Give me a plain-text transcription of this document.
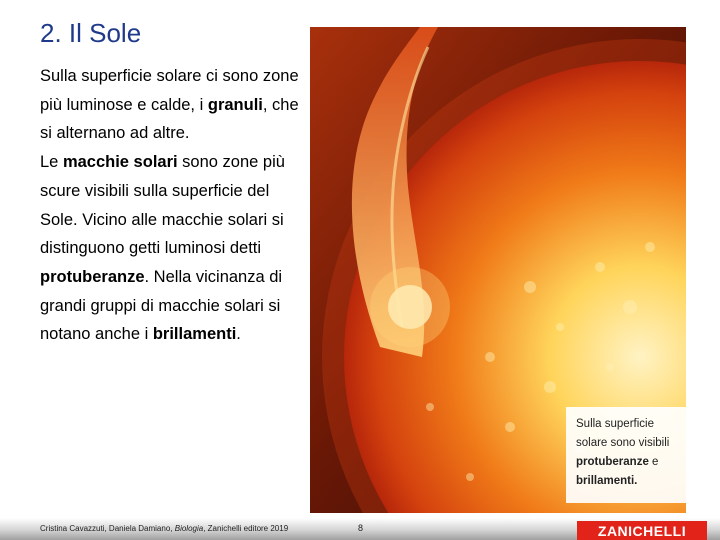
2. Il Sole

Sulla superficie solare ci sono zone più luminose e calde, i granuli, che si alternano ad altre.

Le macchie solari sono zone più scure visibili sulla superficie del Sole. Vicino alle macchie solari si distinguono getti luminosi detti protuberanze. Nella vicinanza di grandi gruppi di macchie solari si notano anche i brillamenti.

Sulla superficie solare sono visibili protuberanze e brillamenti.
Cristina Cavazzuti, Daniela Damiano, Biologia, Zanichelli editore 2019	8	ZANICHELLI
